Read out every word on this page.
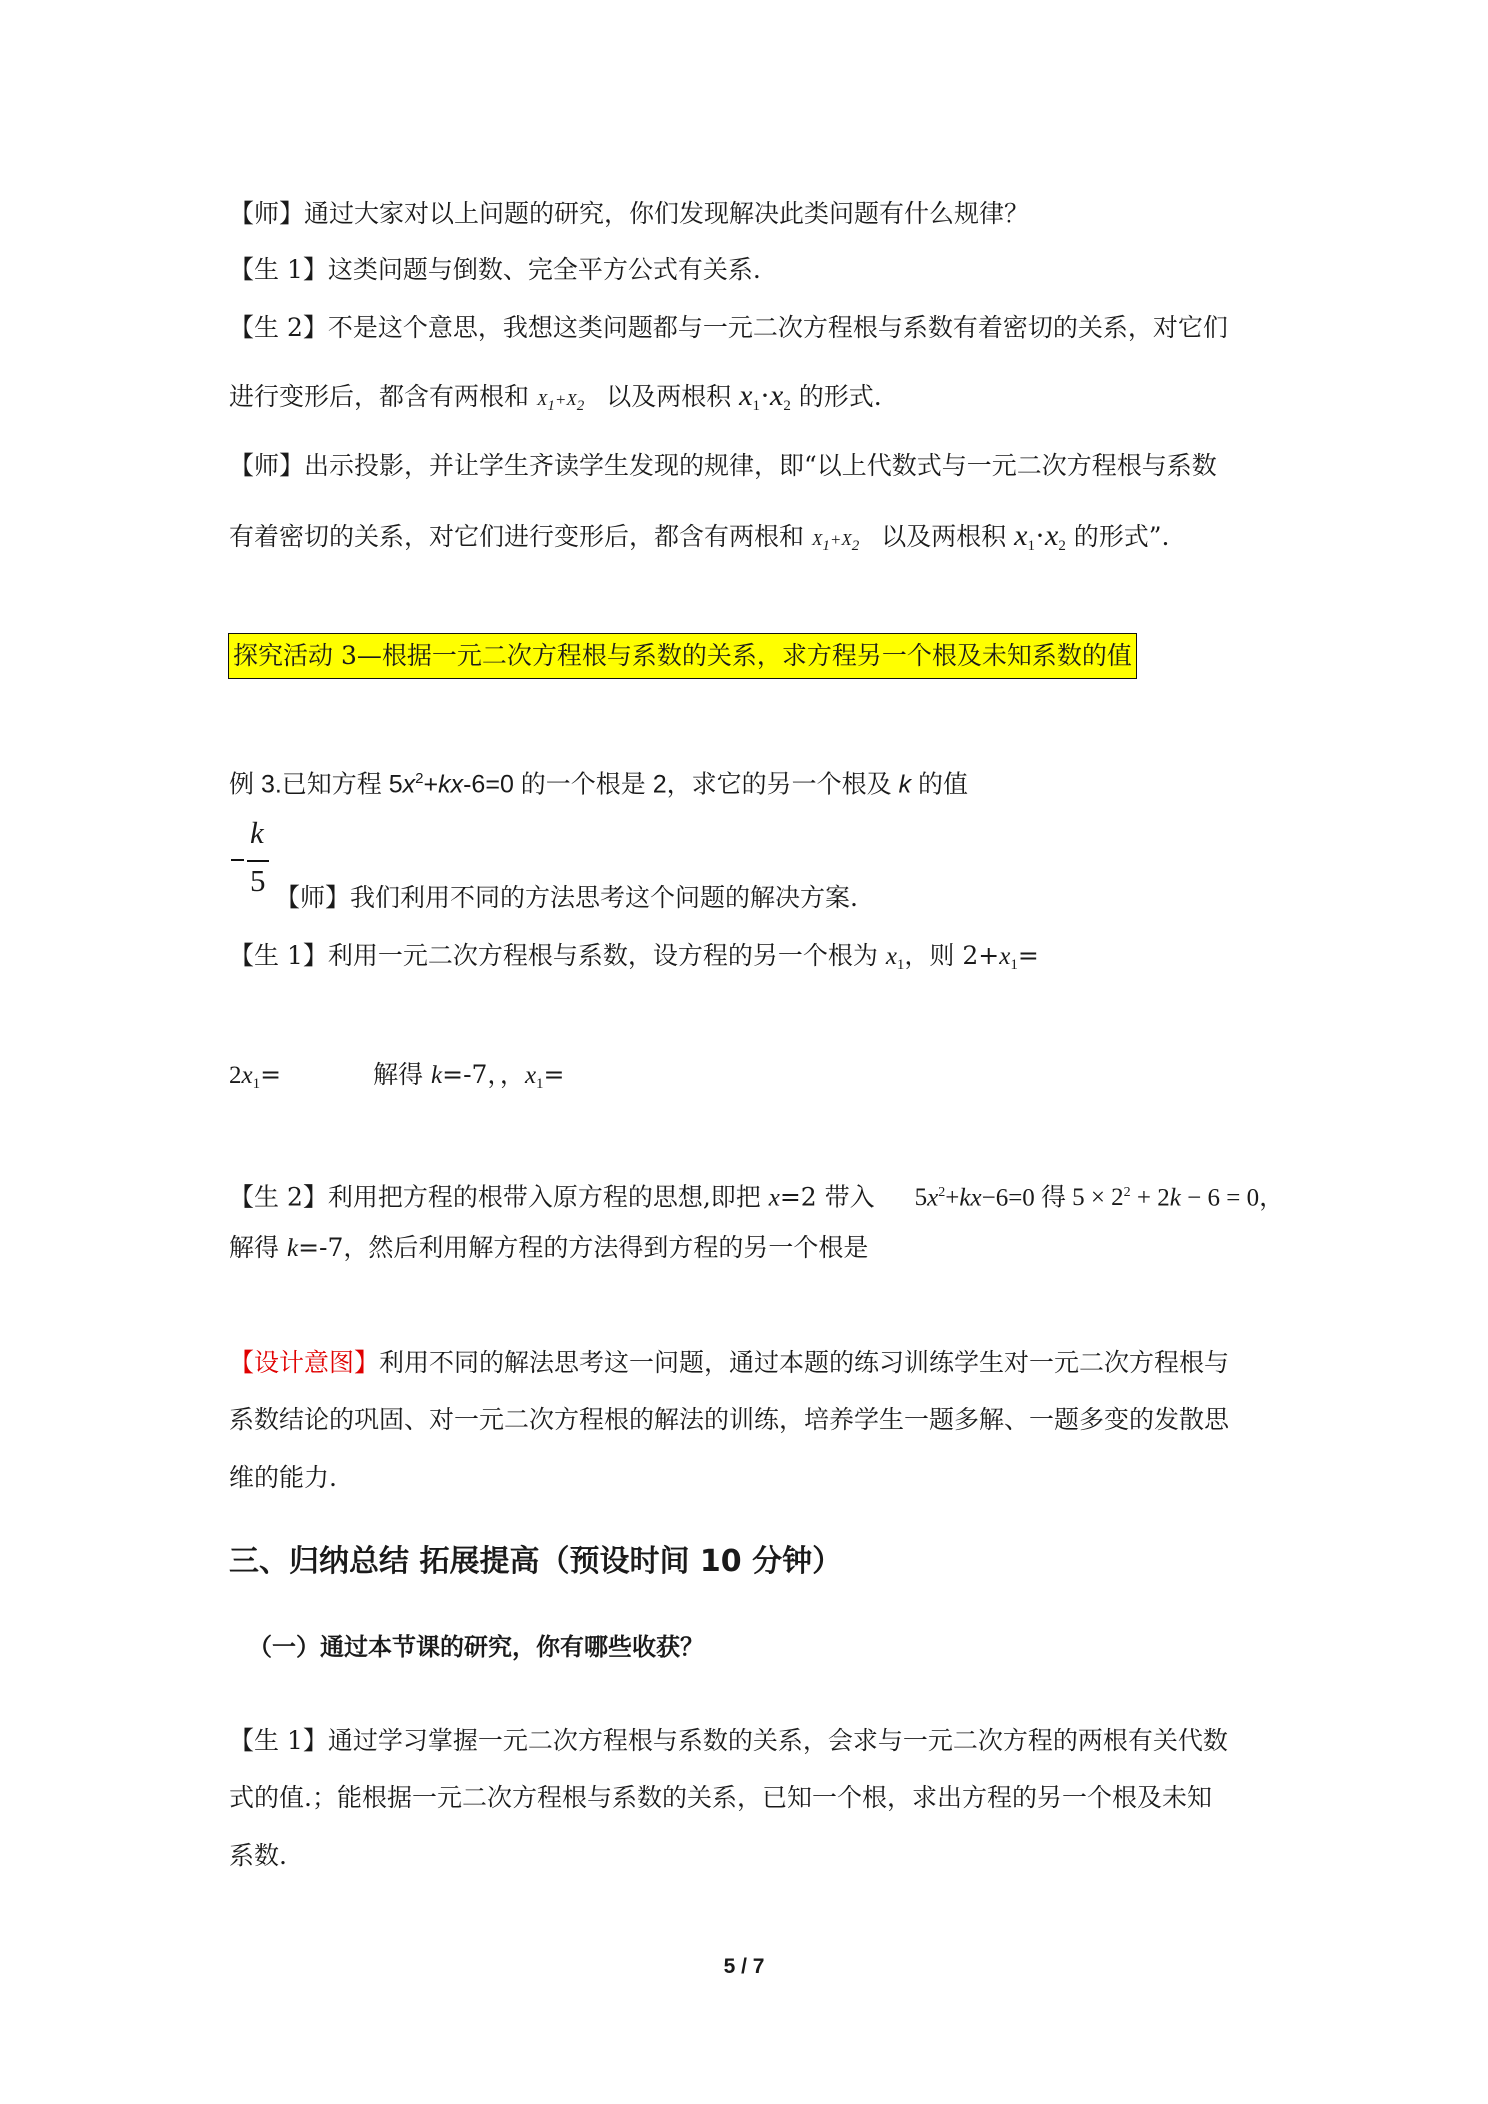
【师】通过大家对以上问题的研究，你们发现解决此类问题有什么规律？
【生 1】这类问题与倒数、完全平方公式有关系.
【生 2】不是这个意思，我想这类问题都与一元二次方程根与系数有着密切的关系，对它们
进行变形后，都含有两根和 X1+X2 以及两根积 $x_1\cdot x_2$ 的形式.
【师】出示投影，并让学生齐读学生发现的规律，即“以上代数式与一元二次方程根与系数
有着密切的关系，对它们进行变形后，都含有两根和 X1+X2 以及两根积 $x_1\cdot x_2$ 的形式”.
探究活动 3—根据一元二次方程根与系数的关系，求方程另一个根及未知系数的值
例 3.已知方程 $5x^2+kx-6=0$ 的一个根是 2，求它的另一个根及 k 的值
k
5 【师】我们利用不同的方法思考这个问题的解决方案.
【生 1】利用一元二次方程根与系数，设方程的另一个根为 $x_1$，则 $2+x_1=$
$2x_1=$	解得 k=-7，，$x_1=$
【生 2】利用把方程的根带入原方程的思想,即把 x=2 带入 $5x^2+kx-6=0$ 得 $5 \times 2^2 + 2k - 6 = 0$，
解得 k=-7，然后利用解方程的方法得到方程的另一个根是
【设计意图】利用不同的解法思考这一问题，通过本题的练习训练学生对一元二次方程根与
系数结论的巩固、对一元二次方程根的解法的训练，培养学生一题多解、一题多变的发散思
维的能力.
三、归纳总结 拓展提高（预设时间 10 分钟）
（一）通过本节课的研究，你有哪些收获？
【生 1】通过学习掌握一元二次方程根与系数的关系，会求与一元二次方程的两根有关代数
式的值.；能根据一元二次方程根与系数的关系，已知一个根，求出方程的另一个根及未知
系数.
5 / 7
